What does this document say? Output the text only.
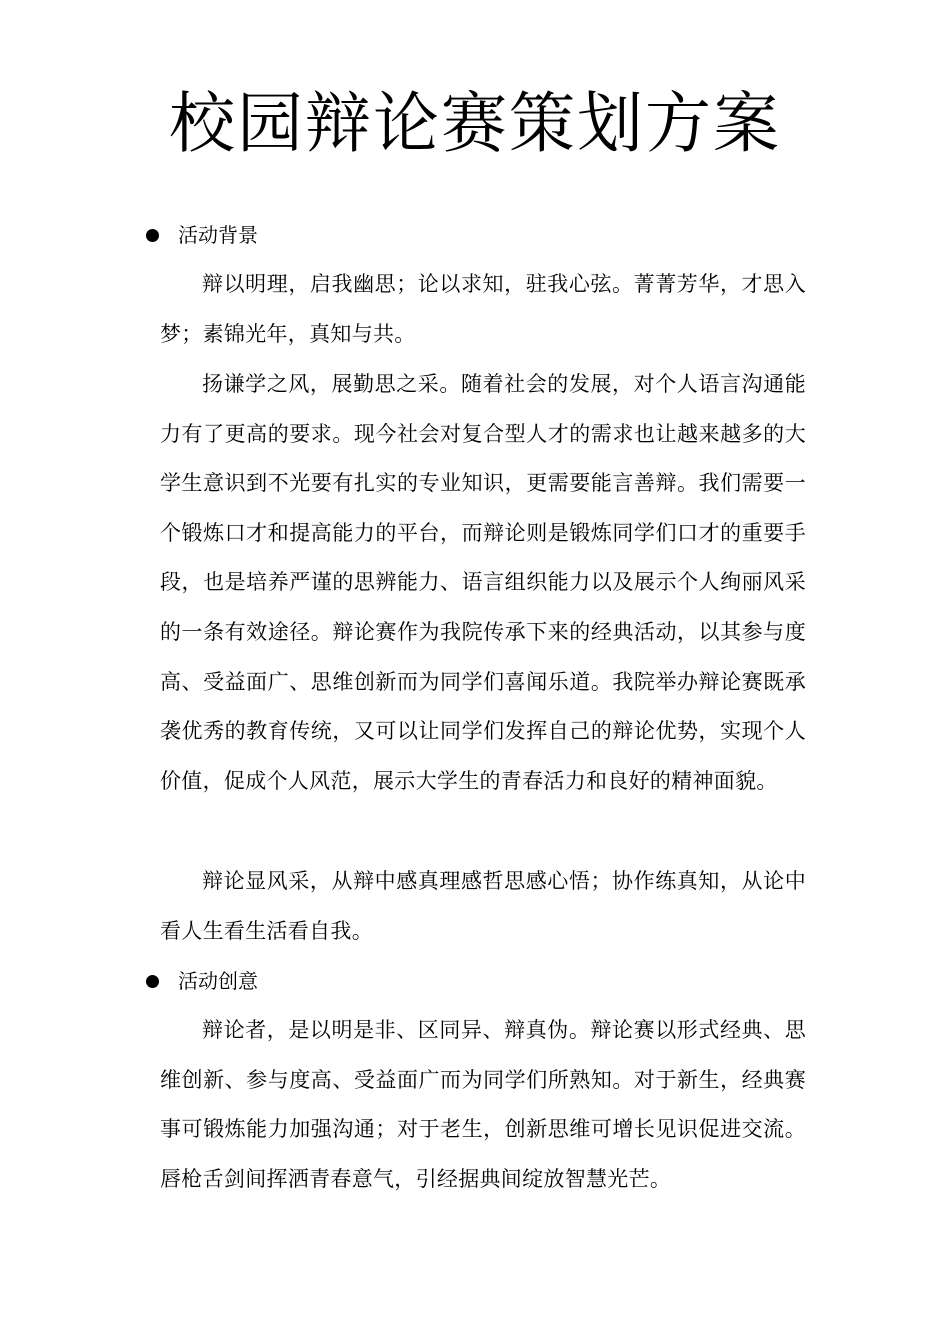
校园辩论赛策划方案
活动背景

辩以明理，启我幽思；论以求知，驻我心弦。菁菁芳华，才思入梦；素锦光年，真知与共。

扬谦学之风，展勤思之采。随着社会的发展，对个人语言沟通能力有了更高的要求。现今社会对复合型人才的需求也让越来越多的大学生意识到不光要有扎实的专业知识，更需要能言善辩。我们需要一个锻炼口才和提高能力的平台，而辩论则是锻炼同学们口才的重要手段，也是培养严谨的思辨能力、语言组织能力以及展示个人绚丽风采的一条有效途径。辩论赛作为我院传承下来的经典活动，以其参与度高、受益面广、思维创新而为同学们喜闻乐道。我院举办辩论赛既承袭优秀的教育传统，又可以让同学们发挥自己的辩论优势，实现个人价值，促成个人风范，展示大学生的青春活力和良好的精神面貌。

辩论显风采，从辩中感真理感哲思感心悟；协作练真知，从论中看人生看生活看自我。

活动创意

辩论者，是以明是非、区同异、辩真伪。辩论赛以形式经典、思维创新、参与度高、受益面广而为同学们所熟知。对于新生，经典赛事可锻炼能力加强沟通；对于老生，创新思维可增长见识促进交流。唇枪舌剑间挥洒青春意气，引经据典间绽放智慧光芒。
